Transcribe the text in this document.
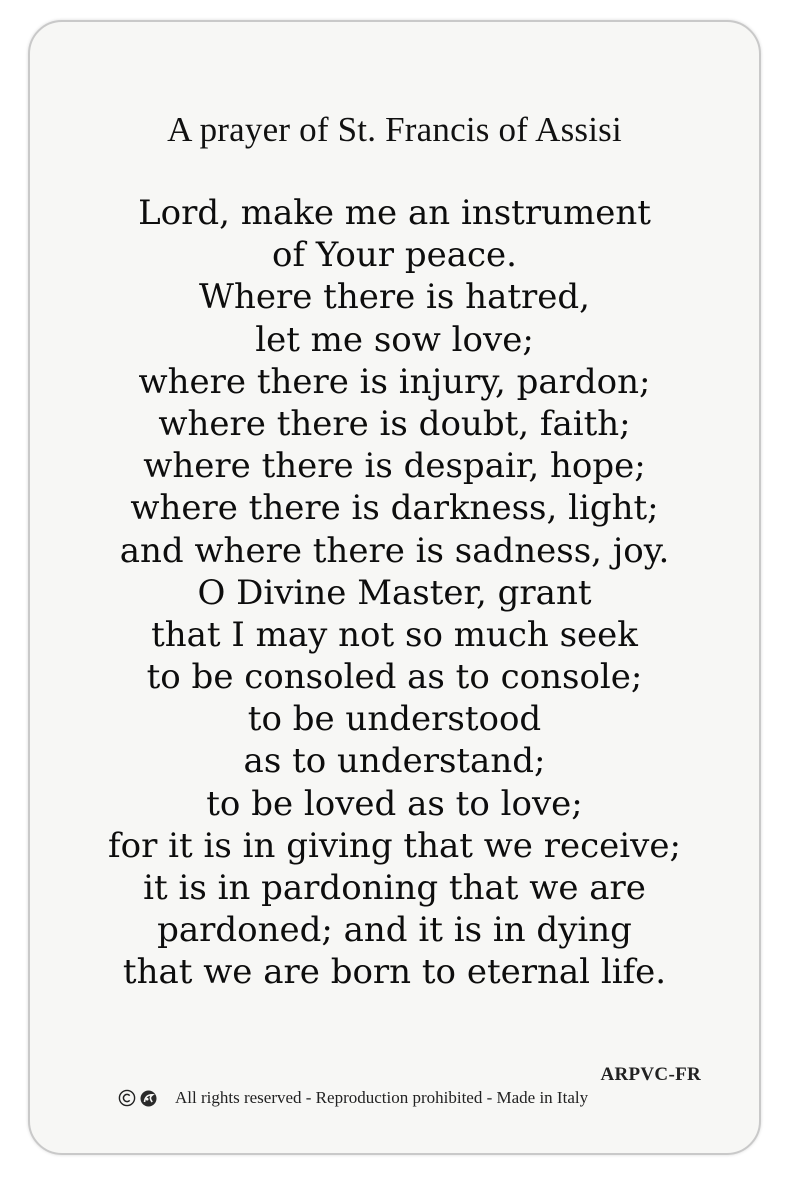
A prayer of St. Francis of Assisi
Lord, make me an instrument
of Your peace.
Where there is hatred,
let me sow love;
where there is injury, pardon;
where there is doubt, faith;
where there is despair, hope;
where there is darkness, light;
and where there is sadness, joy.
O Divine Master, grant
that I may not so much seek
to be consoled as to console;
to be understood
as to understand;
to be loved as to love;
for it is in giving that we receive;
it is in pardoning that we are
pardoned; and it is in dying
that we are born to eternal life.
ARPVC-FR
All rights reserved - Reproduction prohibited - Made in Italy
